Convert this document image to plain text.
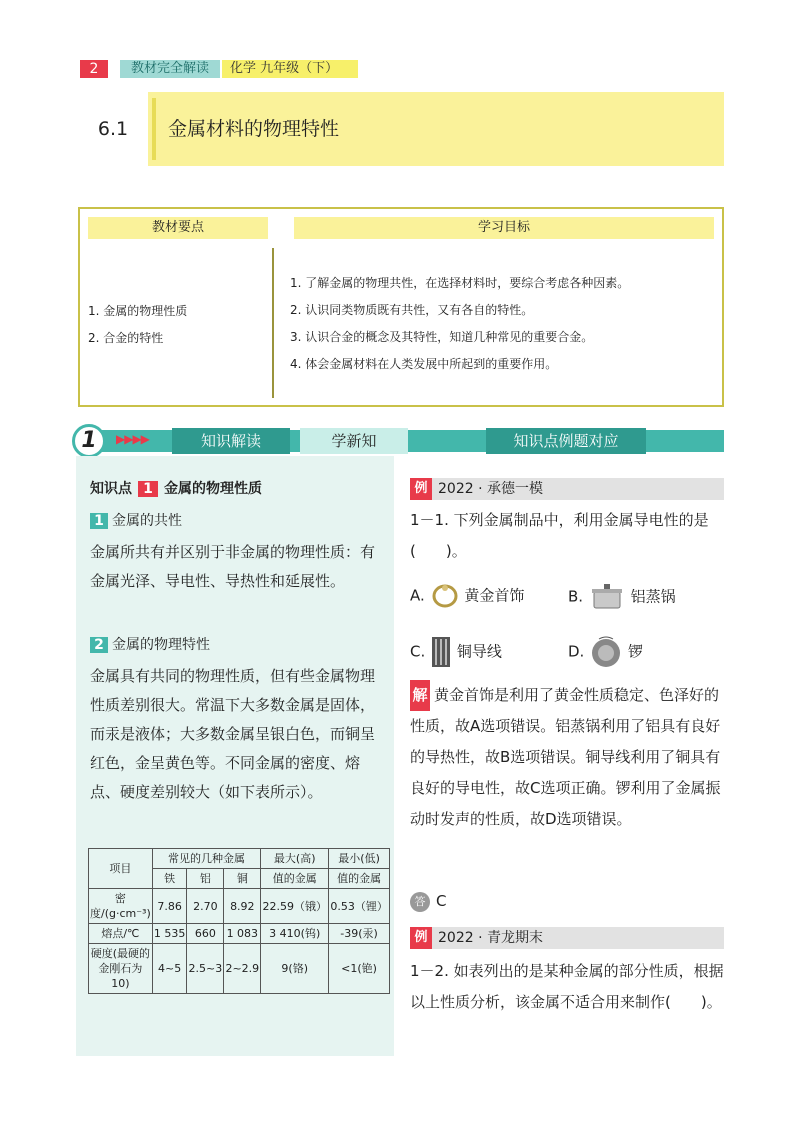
2	教材完全解读	化学 九年级（下）
6.1	金属材料的物理特性
教材要点	学习目标
1. 金属的物理性质
2. 合金的特性
1. 了解金属的物理共性，在选择材料时，要综合考虑各种因素。
2. 认识同类物质既有共性，又有各自的特性。
3. 认识合金的概念及其特性，知道几种常见的重要合金。
4. 体会金属材料在人类发展中所起到的重要作用。
1	▶▶▶▶	知识解读	学新知	知识点例题对应
知识点 1 金属的物理性质
1 金属的共性
金属所共有并区别于非金属的物理性质：有金属光泽、导电性、导热性和延展性。
2 金属的物理特性
金属具有共同的物理性质，但有些金属物理性质差别很大。常温下大多数金属是固体，而汞是液体；大多数金属呈银白色，而铜呈红色，金呈黄色等。不同金属的密度、熔点、硬度差别较大（如下表所示）。
项目	常见的几种金属			最大(高)	最小(低)
	铁	铝	铜	值的金属	值的金属
密度/(g·cm⁻³)	7.86	2.70	8.92	22.59（锇）	0.53（锂）
熔点/℃	1 535	660	1 083	3 410(钨)	-39(汞)
硬度(最硬的金刚石为10)	4~5	2.5~3	2~2.9	9(铬)	<1(铯)
例 2022 · 承德一模
1－1. 下列金属制品中，利用金属导电性的是(　　)。
A.	黄金首饰	B.	铝蒸锅
C. 铜导线	D.	锣
解 黄金首饰是利用了黄金性质稳定、色泽好的性质，故A选项错误。铝蒸锅利用了铝具有良好的导热性，故B选项错误。铜导线利用了铜具有良好的导电性，故C选项正确。锣利用了金属振动时发声的性质，故D选项错误。
答 C
例 2022 · 青龙期末
1－2. 如表列出的是某种金属的部分性质，根据以上性质分析，该金属不适合用来制作(　　)。
